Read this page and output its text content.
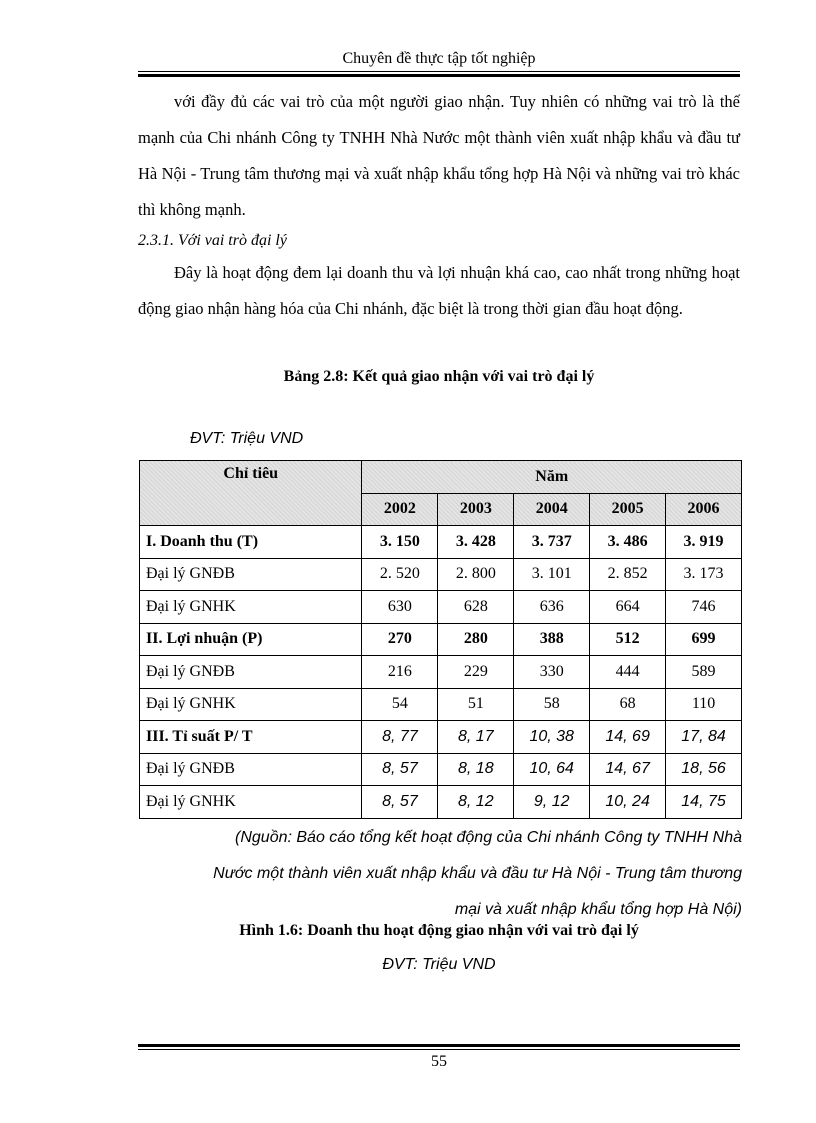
Chuyên đề thực tập tốt nghiệp

với đầy đủ các vai trò của một người giao nhận. Tuy nhiên có những vai trò là thế mạnh của Chi nhánh Công ty TNHH Nhà Nước một thành viên xuất nhập khẩu và đầu tư Hà Nội - Trung tâm thương mại và xuất nhập khẩu tổng hợp Hà Nội và những vai trò khác thì không mạnh.

2.3.1. Với vai trò đại lý

Đây là hoạt động đem lại doanh thu và lợi nhuận khá cao, cao nhất trong những hoạt động giao nhận hàng hóa của Chi nhánh, đặc biệt là trong thời gian đầu hoạt động.

Bảng 2.8: Kết quả giao nhận với vai trò đại lý
ĐVT: Triệu VND
Chỉ tiêu	Năm				
	2002	2003	2004	2005	2006
I. Doanh thu (T)	3. 150	3. 428	3. 737	3. 486	3. 919
Đại lý GNĐB	2. 520	2. 800	3. 101	2. 852	3. 173
Đại lý GNHK	630	628	636	664	746
II. Lợi nhuận (P)	270	280	388	512	699
Đại lý GNĐB	216	229	330	444	589
Đại lý GNHK	54	51	58	68	110
III. Tỉ suất P/ T	8, 77	8, 17	10, 38	14, 69	17, 84
Đại lý GNĐB	8, 57	8, 18	10, 64	14, 67	18, 56
Đại lý GNHK	8, 57	8, 12	9, 12	10, 24	14, 75
(Nguồn: Báo cáo tổng kết hoạt động của Chi nhánh Công ty TNHH Nhà
Nước một thành viên xuất nhập khẩu và đầu tư Hà Nội - Trung tâm thương
mại và xuất nhập khẩu tổng hợp Hà Nội)
Hình 1.6: Doanh thu hoạt động giao nhận với vai trò đại lý
ĐVT: Triệu VND
55
